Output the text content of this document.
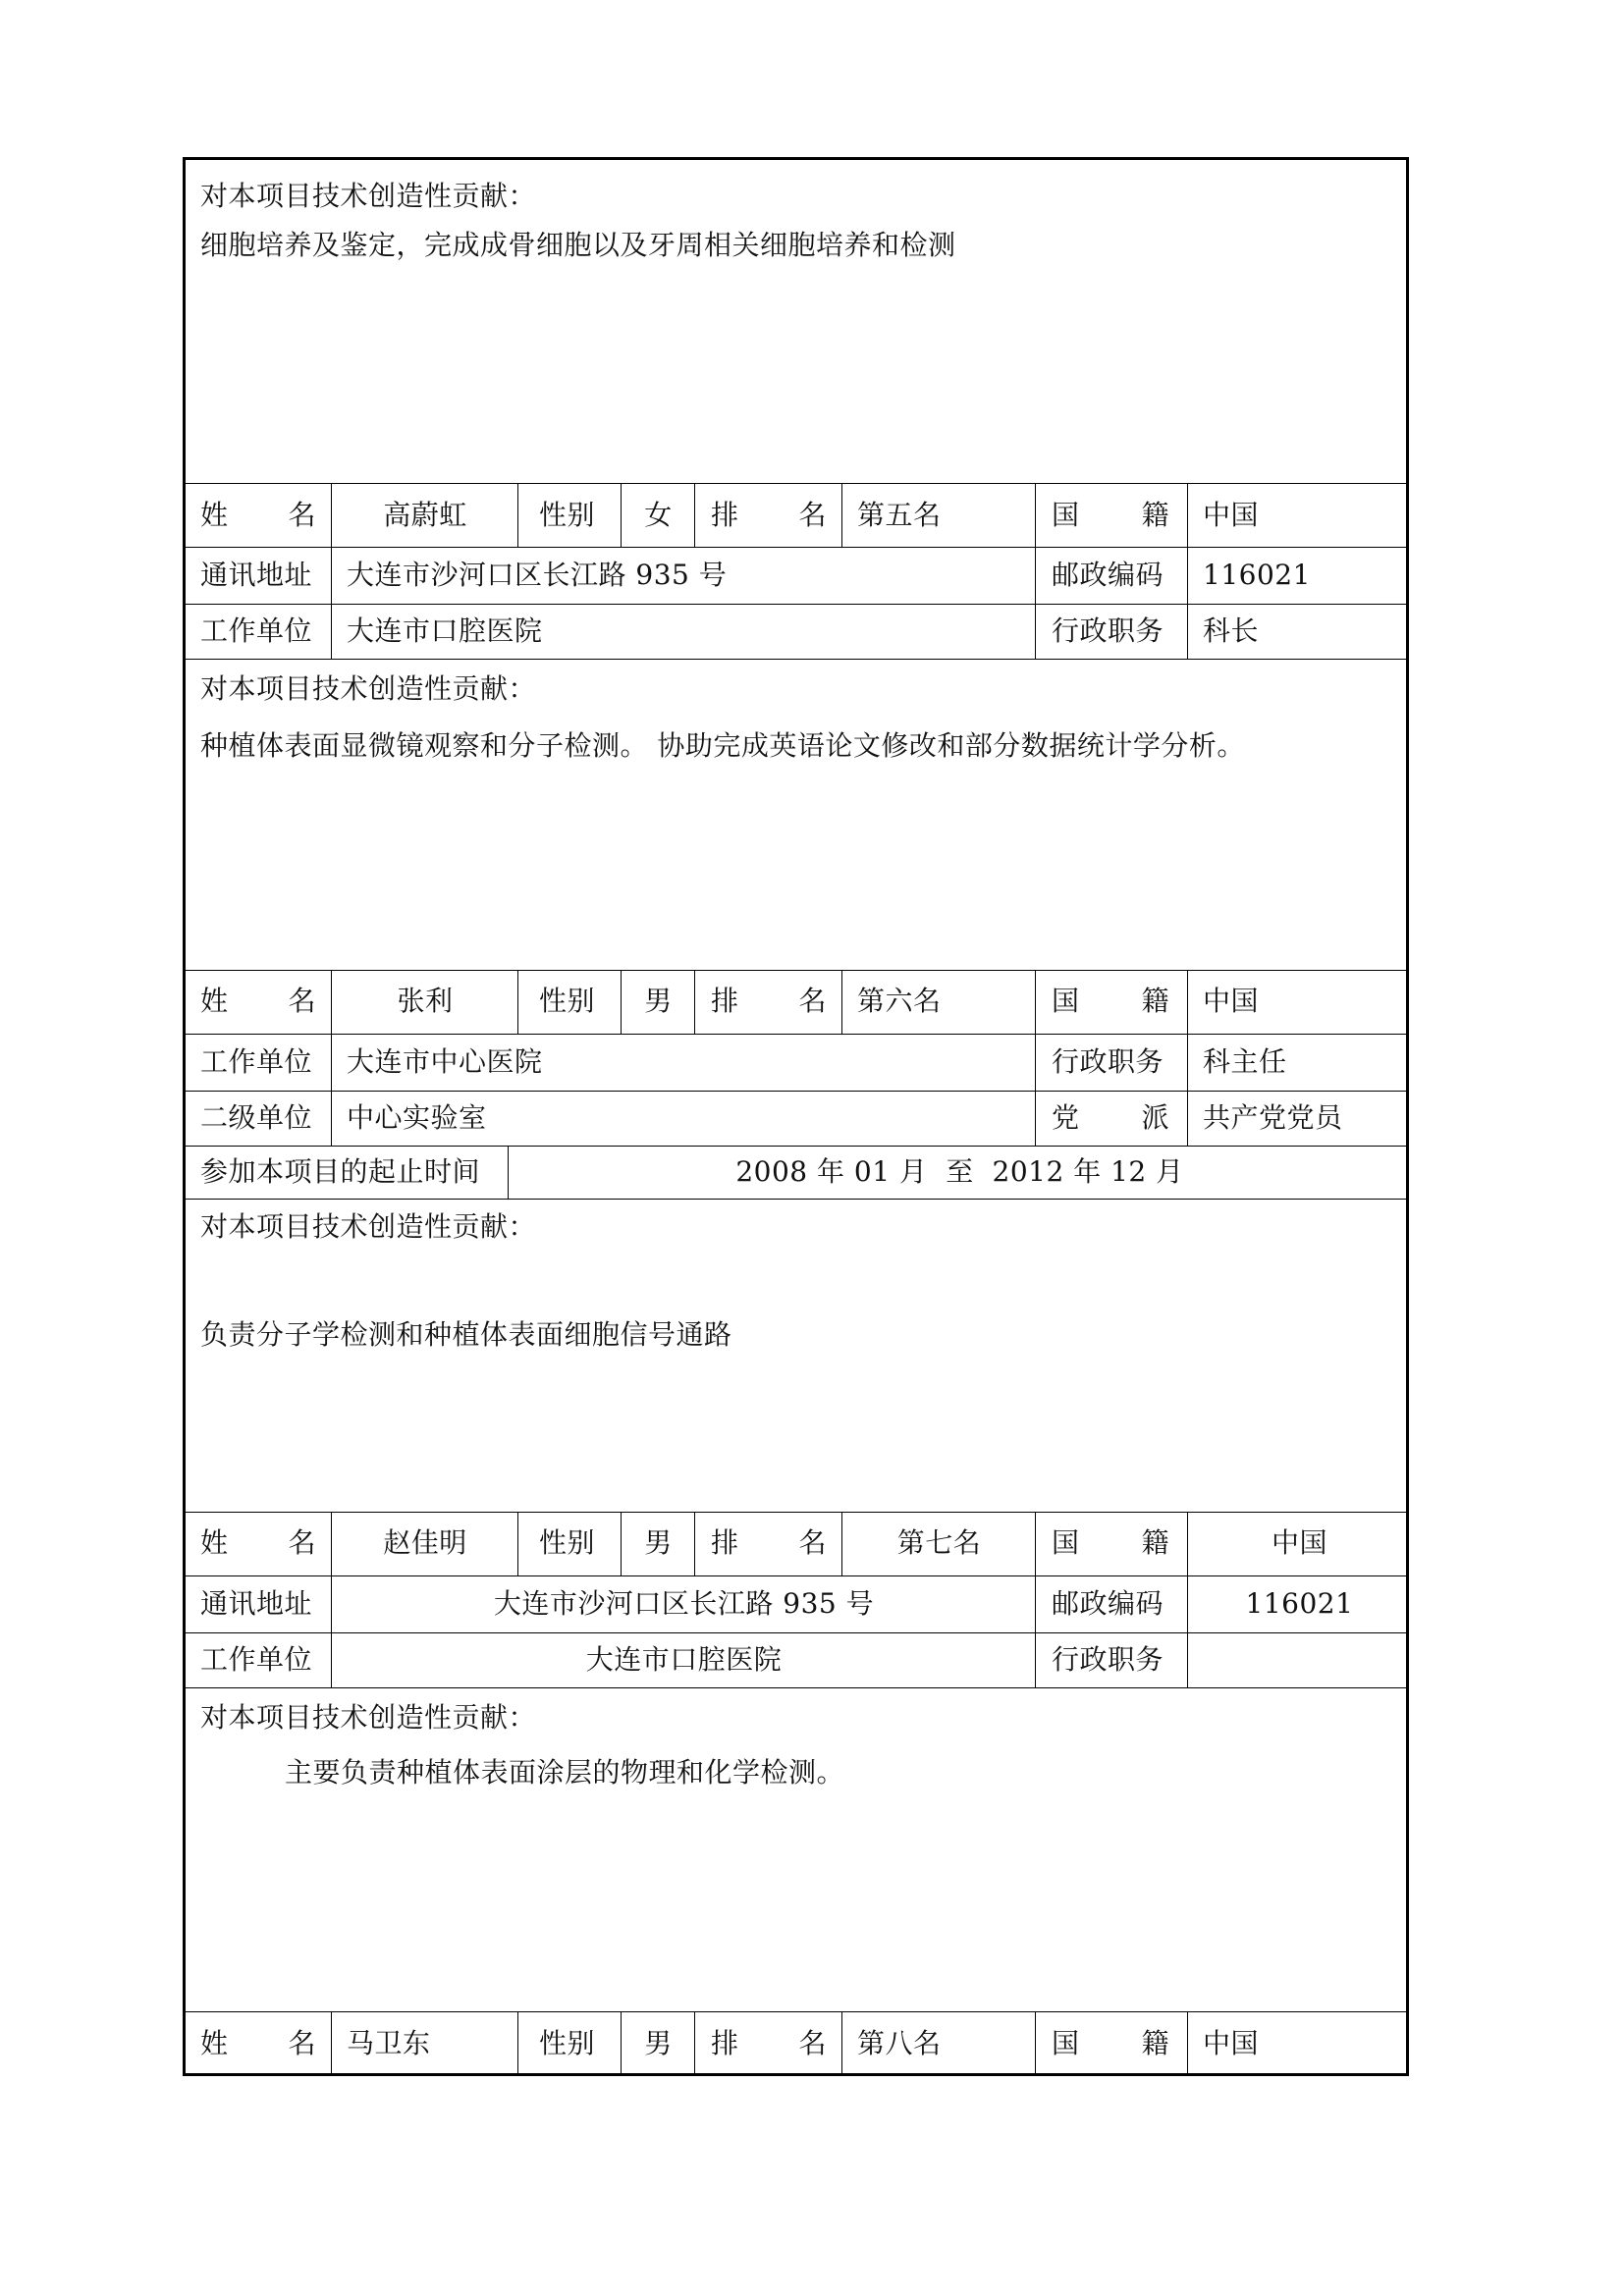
对本项目技术创造性贡献：
细胞培养及鉴定，完成成骨细胞以及牙周相关细胞培养和检测
姓 名	高蔚虹	性别	女	排 名 第五名	国 籍 中国
通讯地址 大连市沙河口区长江路 935 号	邮政编码 116021
工作单位 大连市口腔医院	行政职务 科长
对本项目技术创造性贡献：
种植体表面显微镜观察和分子检测。 协助完成英语论文修改和部分数据统计学分析。
姓 名	张利	性别	男	排 名 第六名	国 籍 中国
工作单位 大连市中心医院	行政职务 科主任
二级单位 中心实验室	党 派 共产党党员
参加本项目的起止时间	2008 年 01 月  至  2012 年 12 月
对本项目技术创造性贡献：
负责分子学检测和种植体表面细胞信号通路
姓 名	赵佳明	性别	男	排 名	第七名	国 籍	中国
通讯地址	大连市沙河口区长江路 935 号	邮政编码	116021
工作单位	大连市口腔医院	行政职务
对本项目技术创造性贡献：
主要负责种植体表面涂层的物理和化学检测。
姓 名 马卫东	性别	男	排 名 第八名	国 籍 中国
